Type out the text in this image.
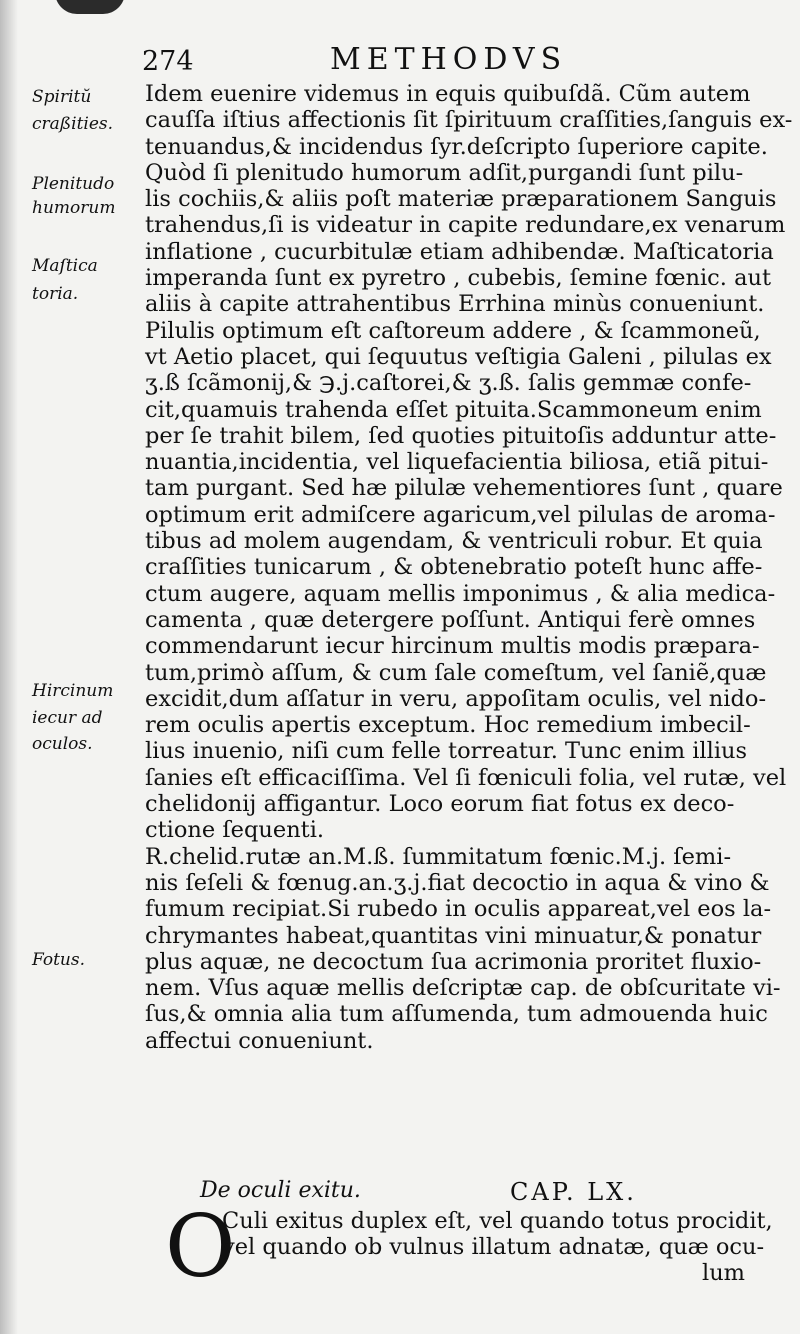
274	METHODVS
Spiritŭ
craßities.
Plenitudo
humorum
Maſtica
toria.
Hircinum
iecur ad
oculos.
Fotus.
Idem euenire videmus in equis quibuſdã. Cũm autem
cauſſa iſtius affectionis ſit ſpirituum craſſities,ſanguis ex-
tenuandus,& incidendus ſyr.deſcripto ſuperiore capite.
Quòd ſi plenitudo humorum adſit,purgandi ſunt pilu-
lis cochiis,& aliis poſt materiæ præparationem Sanguis
trahendus,ſi is videatur in capite redundare,ex venarum
inflatione , cucurbitulæ etiam adhibendæ. Maſticatoria
imperanda ſunt ex pyretro , cubebis, ſemine fœnic. aut
aliis à capite attrahentibus Errhina minùs conueniunt.
Pilulis optimum eſt caſtoreum addere , & ſcammoneũ,
vt Aetio placet, qui ſequutus veſtigia Galeni , pilulas ex
ʒ.ß ſcãmonij,& ℈.j.caſtorei,& ʒ.ß. ſalis gemmæ confe-
cit,quamuis trahenda eſſet pituita.Scammoneum enim
per ſe trahit bilem, ſed quoties pituitoſis adduntur atte-
nuantia,incidentia, vel liquefacientia biliosa, etiã pitui-
tam purgant. Sed hæ pilulæ vehementiores ſunt , quare
optimum erit admiſcere agaricum,vel pilulas de aroma-
tibus ad molem augendam, & ventriculi robur. Et quia
craſſities tunicarum , & obtenebratio poteſt hunc affe-
ctum augere, aquam mellis imponimus , & alia medica-
camenta , quæ detergere poſſunt. Antiqui ferè omnes
commendarunt iecur hircinum multis modis præpara-
tum,primò aſſum, & cum ſale comeſtum, vel ſaniẽ,quæ
excidit,dum aſſatur in veru, appoſitam oculis, vel nido-
rem oculis apertis exceptum. Hoc remedium imbecil-
lius inuenio, niſi cum felle torreatur. Tunc enim illius
ſanies eſt efficaciſſima. Vel ſi fœniculi folia, vel rutæ, vel
chelidonij affigantur. Loco eorum fiat fotus ex deco-
ctione ſequenti.
R.chelid.rutæ an.M.ß. ſummitatum fœnic.M.j. ſemi-
nis ſeſeli & fœnug.an.ʒ.j.fiat decoctio in aqua & vino &
fumum recipiat.Si rubedo in oculis appareat,vel eos la-
chrymantes habeat,quantitas vini minuatur,& ponatur
plus aquæ, ne decoctum ſua acrimonia proritet fluxio-
nem. Vſus aquæ mellis deſcriptæ cap. de obſcuritate vi-
ſus,& omnia alia tum aſſumenda, tum admouenda huic
affectui conueniunt.
De oculi exitu.	CAP. LX.
O
Culi exitus duplex eſt, vel quando totus procidit,
vel quando ob vulnus illatum adnatæ, quæ ocu-
lum
